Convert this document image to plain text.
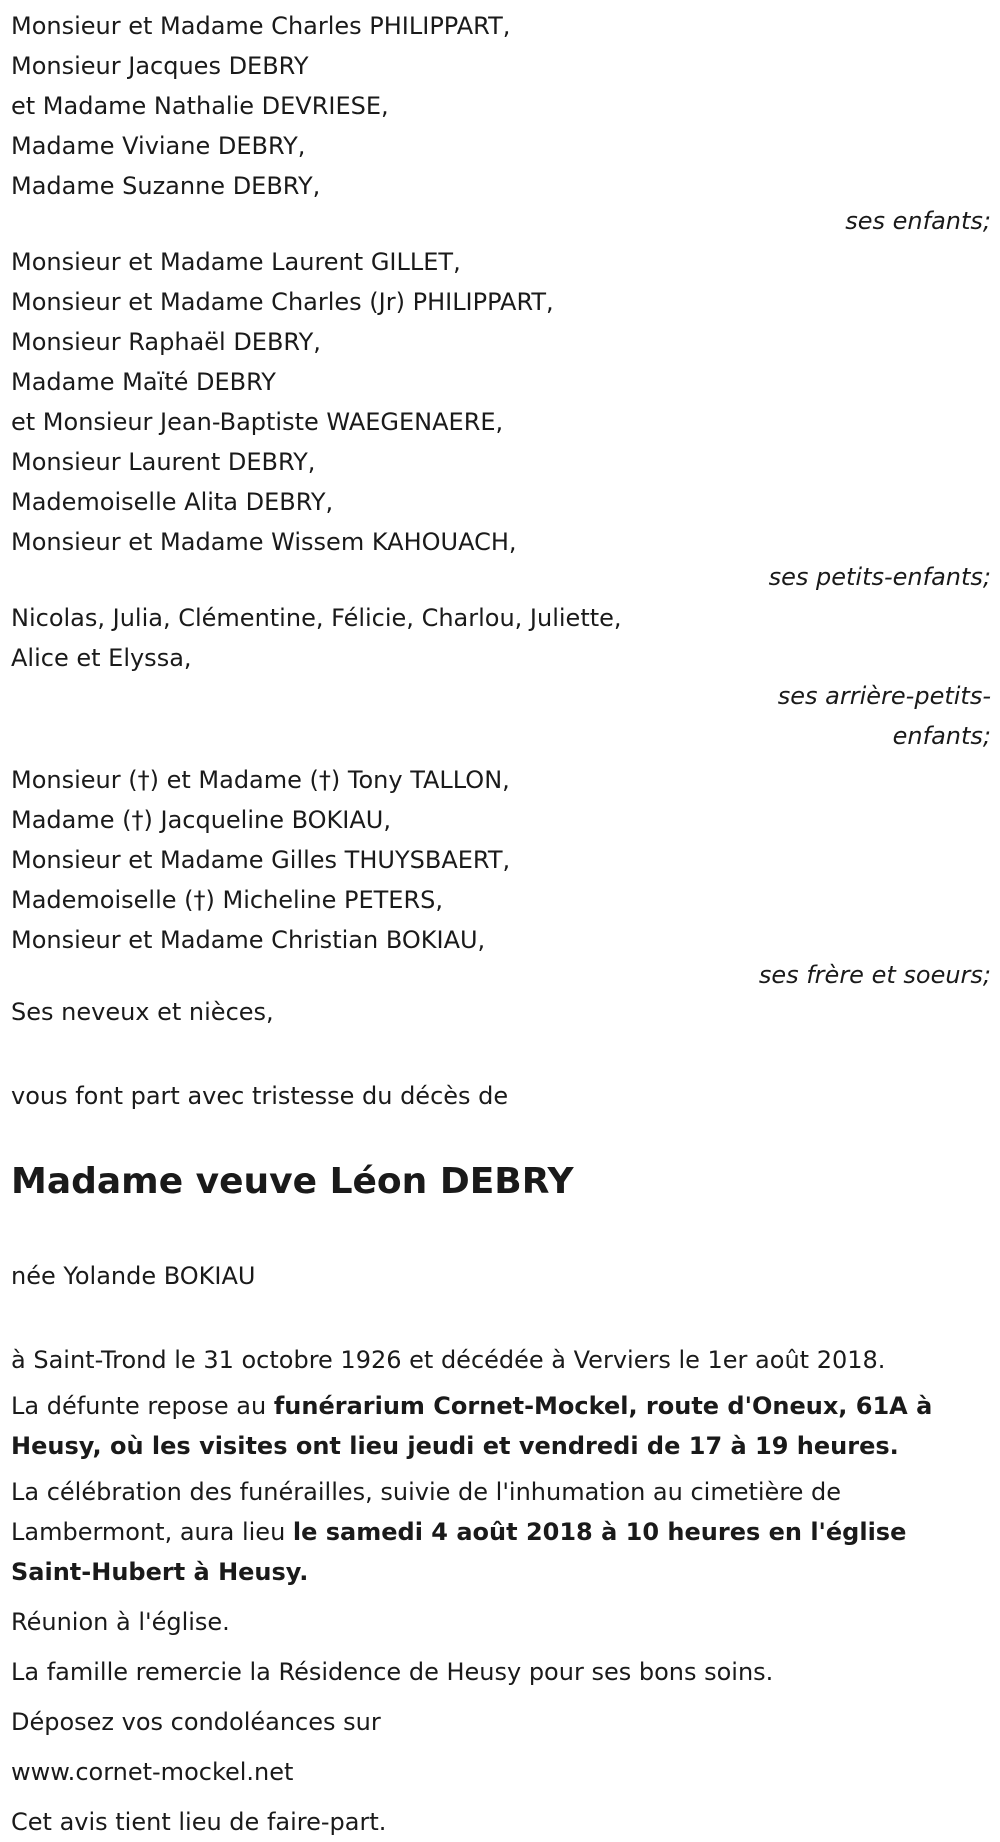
Monsieur et Madame Charles PHILIPPART,
Monsieur Jacques DEBRY
et Madame Nathalie DEVRIESE,
Madame Viviane DEBRY,
Madame Suzanne DEBRY,
ses enfants;
Monsieur et Madame Laurent GILLET,
Monsieur et Madame Charles (Jr) PHILIPPART,
Monsieur Raphaël DEBRY,
Madame Maïté DEBRY
et Monsieur Jean-Baptiste WAEGENAERE,
Monsieur Laurent DEBRY,
Mademoiselle Alita DEBRY,
Monsieur et Madame Wissem KAHOUACH,
ses petits-enfants;
Nicolas, Julia, Clémentine, Félicie, Charlou, Juliette,
Alice et Elyssa,
ses arrière-petits-enfants;
Monsieur (†) et Madame (†) Tony TALLON,
Madame (†) Jacqueline BOKIAU,
Monsieur et Madame Gilles THUYSBAERT,
Mademoiselle (†) Micheline PETERS,
Monsieur et Madame Christian BOKIAU,
ses frère et soeurs;
Ses neveux et nièces,
vous font part avec tristesse du décès de
Madame veuve Léon DEBRY
née Yolande BOKIAU
à Saint-Trond le 31 octobre 1926 et décédée à Verviers le 1er août 2018.
La défunte repose au funérarium Cornet-Mockel, route d'Oneux, 61A à Heusy, où les visites ont lieu jeudi et vendredi de 17 à 19 heures.
La célébration des funérailles, suivie de l'inhumation au cimetière de Lambermont, aura lieu le samedi 4 août 2018 à 10 heures en l'église Saint-Hubert à Heusy.
Réunion à l'église.
La famille remercie la Résidence de Heusy pour ses bons soins.
Déposez vos condoléances sur
www.cornet-mockel.net
Cet avis tient lieu de faire-part.
